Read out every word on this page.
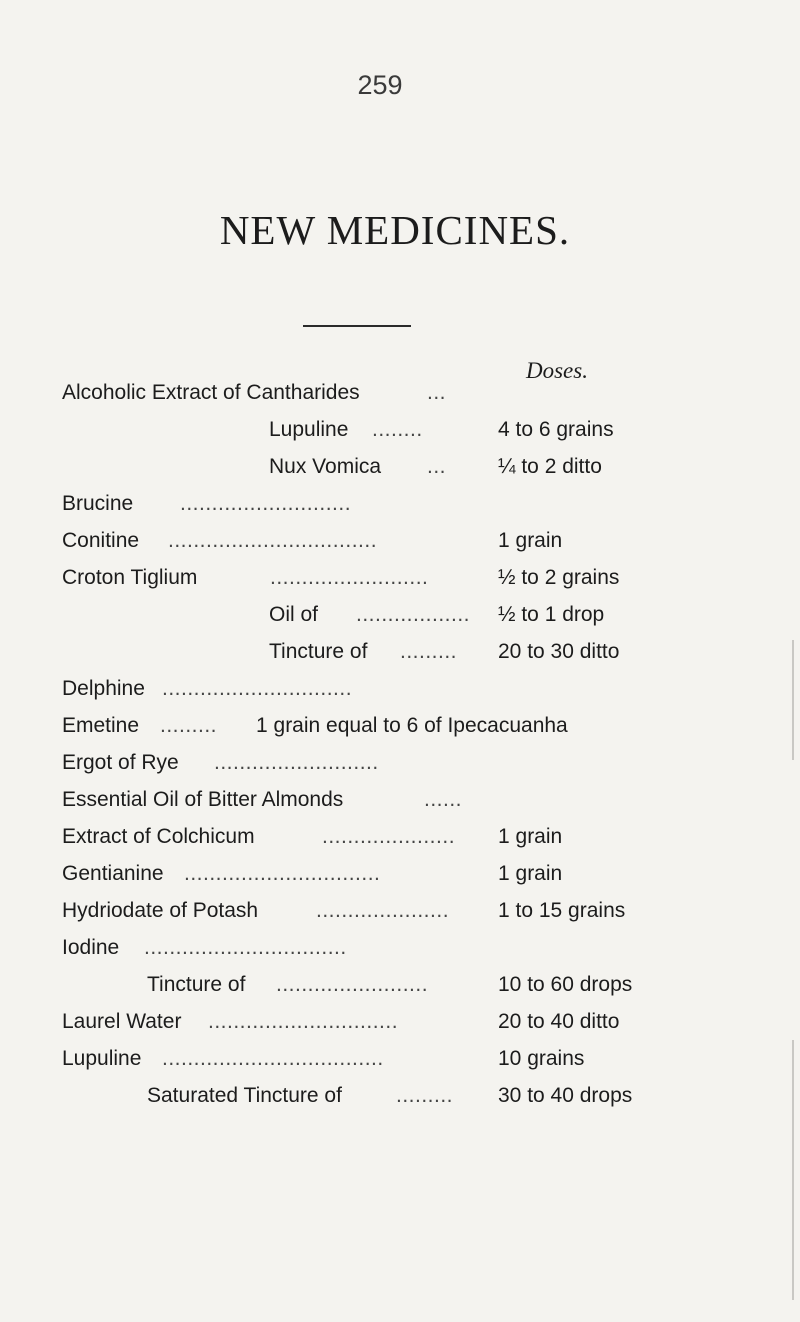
259
NEW MEDICINES.
Doses.
Alcoholic Extract of Cantharides	...
Lupuline ........	4 to 6 grains
Nux Vomica ... ¼ to 2 ditto
Brucine ...........................
Conitine .................................	1 grain
Croton Tiglium	.........................	½ to 2 grains
Oil of .................. ½ to 1 drop
Tincture of ......... 20 to 30 ditto
Delphine ..............................
Emetine ......... 1 grain equal to 6 of Ipecacuanha
Ergot of Rye ..........................
Essential Oil of Bitter Almonds	......
Extract of Colchicum	..................... 1 grain
Gentianine ...............................	1 grain
Hydriodate of Potash	..................... 1 to 15 grains
Iodine ................................
Tincture of ........................	10 to 60 drops
Laurel Water ..............................	20 to 40 ditto
Lupuline ...................................	10 grains
Saturated Tincture of	......... 30 to 40 drops
